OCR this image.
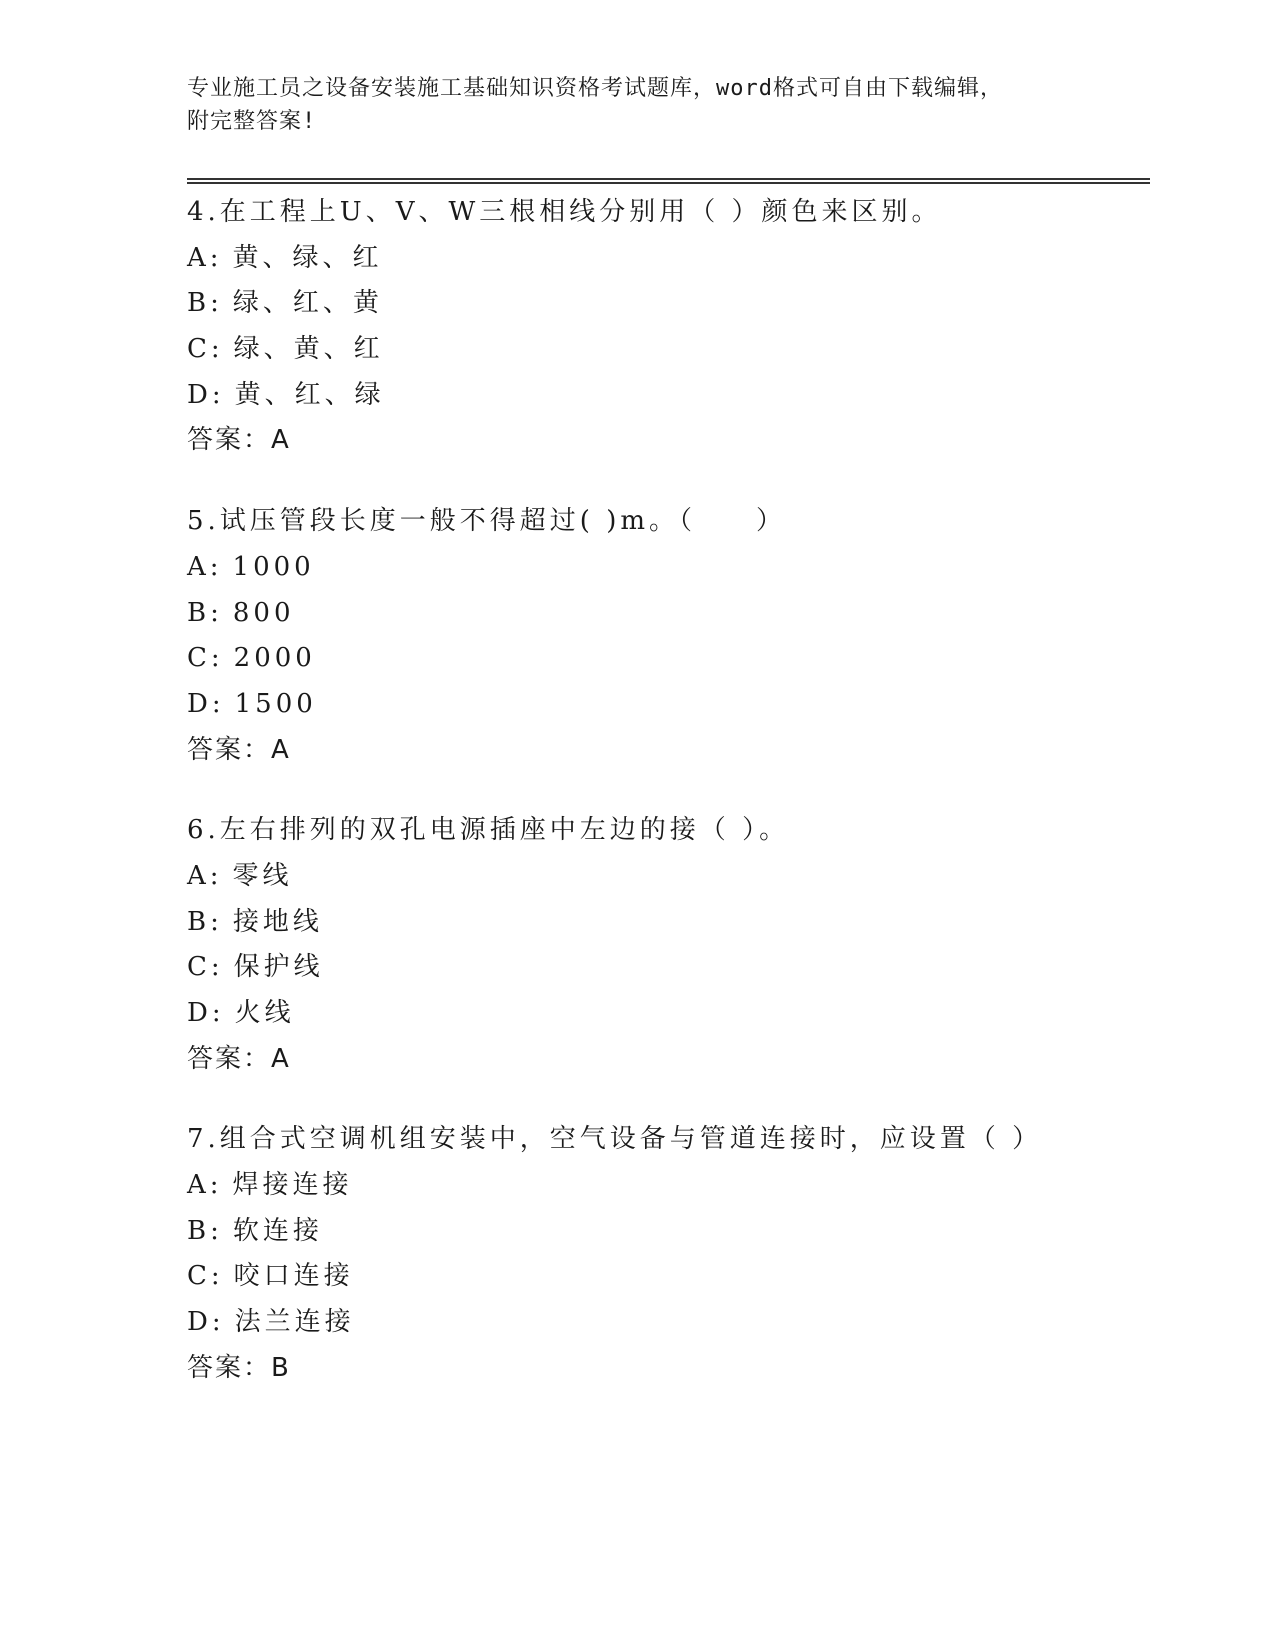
专业施工员之设备安装施工基础知识资格考试题库，word格式可自由下载编辑，
附完整答案!
4.在工程上U、V、W三根相线分别用（ ）颜色来区别。
A: 黄、绿、红
B: 绿、红、黄
C: 绿、黄、红
D: 黄、红、绿
答案：A
5.试压管段长度一般不得超过( )m。（　　）
A: 1000
B: 800
C: 2000
D: 1500
答案：A
6.左右排列的双孔电源插座中左边的接（ ）。
A: 零线
B: 接地线
C: 保护线
D: 火线
答案：A
7.组合式空调机组安装中，空气设备与管道连接时，应设置（ ）
A: 焊接连接
B: 软连接
C: 咬口连接
D: 法兰连接
答案：B
